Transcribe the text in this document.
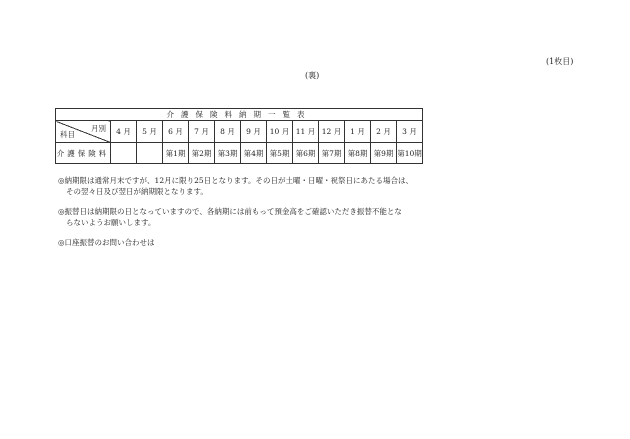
(1枚目)
(裏)
介護保険料納期一覧表												

月別
科目	4 月	5 月	6 月	7 月	8 月	9 月	10 月	11 月	12 月	1 月	2 月	3 月
介護保険料			第1期	第2期	第3期	第4期	第5期	第6期	第7期	第8期	第9期	第10期
◎納期限は通常月末ですが、12月に限り25日となります。その日が土曜・日曜・祝祭日にあたる場合は、
その翌々日及び翌日が納期限となります。
◎振替日は納期限の日となっていますので、各納期には前もって預金高をご確認いただき振替不能とな
らないようお願いします。
◎口座振替のお問い合わせは
